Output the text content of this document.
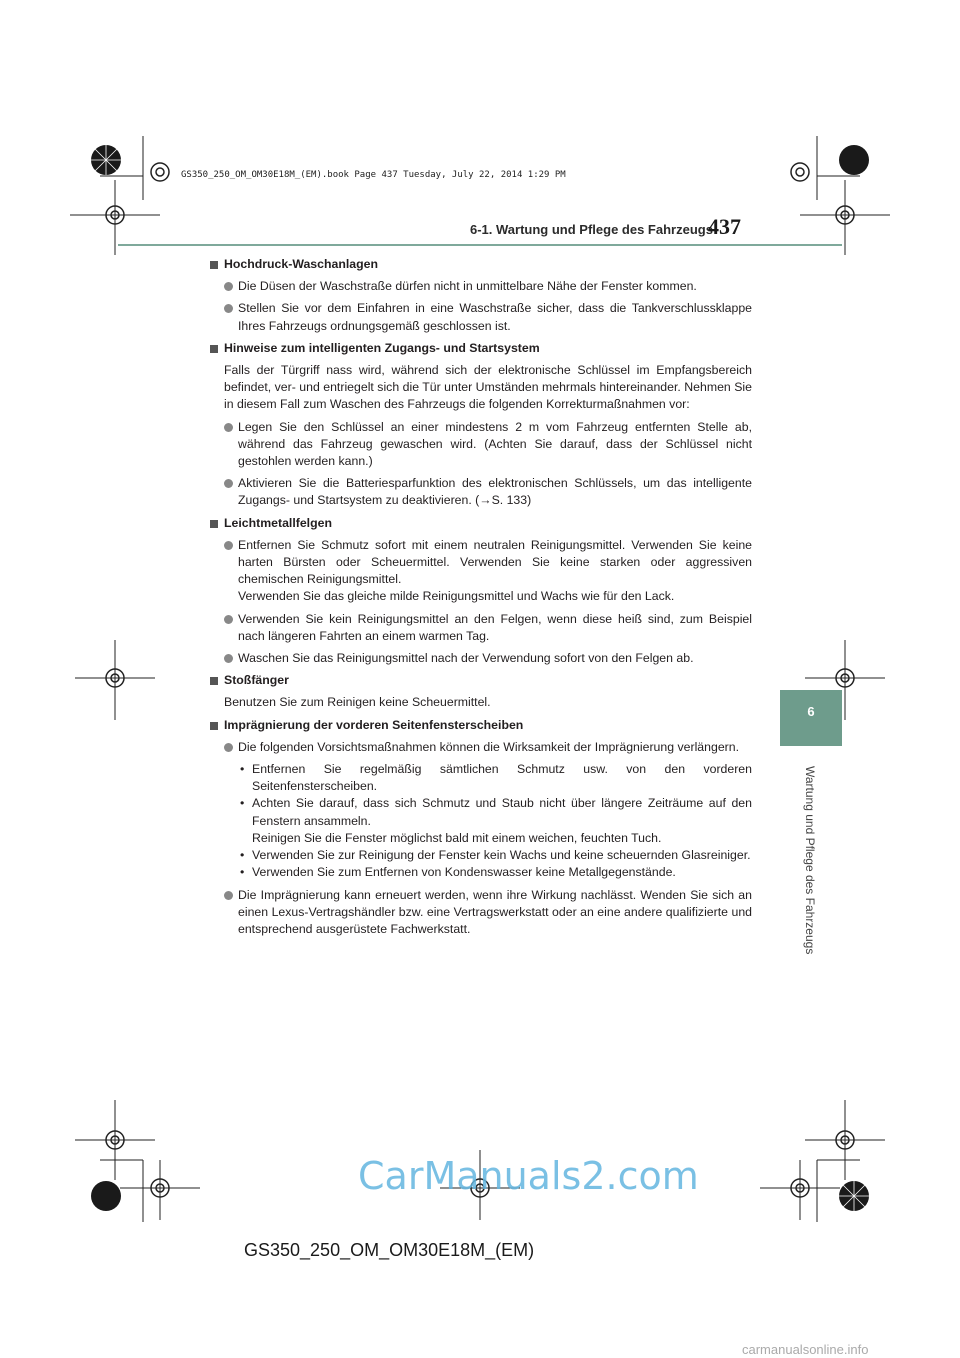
GS350_250_OM_OM30E18M_(EM).book Page 437 Tuesday, July 22, 2014 1:29 PM
6-1. Wartung und Pflege des Fahrzeugs
437
6
Wartung und Pflege des Fahrzeugs

Hochdruck-Waschanlagen

Die Düsen der Waschstraße dürfen nicht in unmittelbare Nähe der Fenster kommen.

Stellen Sie vor dem Einfahren in eine Waschstraße sicher, dass die Tankverschlussklappe Ihres Fahrzeugs ordnungsgemäß geschlossen ist.

Hinweise zum intelligenten Zugangs- und Startsystem

Falls der Türgriff nass wird, während sich der elektronische Schlüssel im Empfangsbereich befindet, ver- und entriegelt sich die Tür unter Umständen mehrmals hintereinander. Nehmen Sie in diesem Fall zum Waschen des Fahrzeugs die folgenden Korrekturmaßnahmen vor:

Legen Sie den Schlüssel an einer mindestens 2 m vom Fahrzeug entfernten Stelle ab, während das Fahrzeug gewaschen wird. (Achten Sie darauf, dass der Schlüssel nicht gestohlen werden kann.)

Aktivieren Sie die Batteriesparfunktion des elektronischen Schlüssels, um das intelligente Zugangs- und Startsystem zu deaktivieren. (→S. 133)

Leichtmetallfelgen

Entfernen Sie Schmutz sofort mit einem neutralen Reinigungsmittel. Verwenden Sie keine harten Bürsten oder Scheuermittel. Verwenden Sie keine starken oder aggressiven chemischen Reinigungsmittel.
Verwenden Sie das gleiche milde Reinigungsmittel und Wachs wie für den Lack.

Verwenden Sie kein Reinigungsmittel an den Felgen, wenn diese heiß sind, zum Beispiel nach längeren Fahrten an einem warmen Tag.

Waschen Sie das Reinigungsmittel nach der Verwendung sofort von den Felgen ab.

Stoßfänger

Benutzen Sie zum Reinigen keine Scheuermittel.

Imprägnierung der vorderen Seitenfensterscheiben

Die folgenden Vorsichtsmaßnahmen können die Wirksamkeit der Imprägnierung verlängern.

• Entfernen Sie regelmäßig sämtlichen Schmutz usw. von den vorderen Seitenfensterscheiben.

• Achten Sie darauf, dass sich Schmutz und Staub nicht über längere Zeiträume auf den Fenstern ansammeln.
Reinigen Sie die Fenster möglichst bald mit einem weichen, feuchten Tuch.

• Verwenden Sie zur Reinigung der Fenster kein Wachs und keine scheuernden Glasreiniger.

• Verwenden Sie zum Entfernen von Kondenswasser keine Metallgegenstände.

Die Imprägnierung kann erneuert werden, wenn ihre Wirkung nachlässt. Wenden Sie sich an einen Lexus-Vertragshändler bzw. eine Vertragswerkstatt oder an eine andere qualifizierte und entsprechend ausgerüstete Fachwerkstatt.

CarManuals2.com
GS350_250_OM_OM30E18M_(EM)
carmanualsonline.info
